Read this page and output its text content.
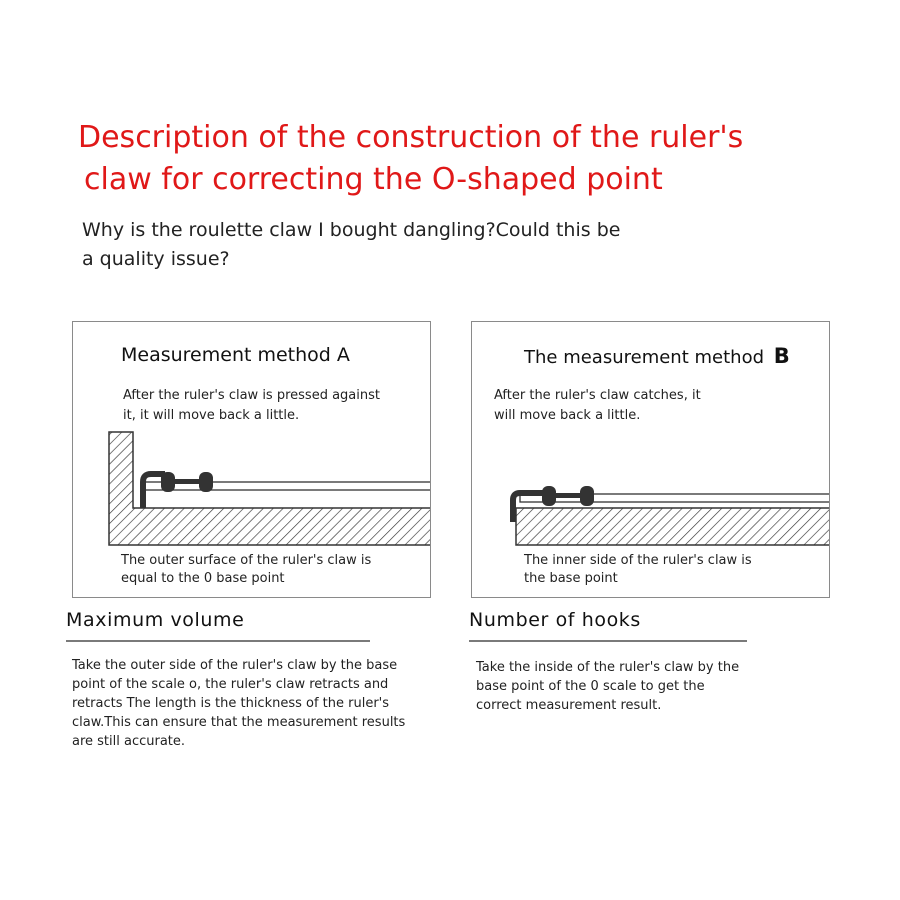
Description of the construction of the ruler's
claw for correcting the O-shaped point
Why is the roulette claw I bought dangling?Could this be a quality issue?
Measurement method A
After the ruler's claw is pressed against it, it will move back a little.
The outer surface of the ruler's claw is equal to the 0 base point
The measurement method B
After the ruler's claw catches, it will move back a little.
The inner side of the ruler's claw is the base point
Maximum volume
Take the outer side of the ruler's claw by the base point of the scale o, the ruler's claw retracts and retracts The length is the thickness of the ruler's claw.This can ensure that the measurement results are still accurate.
Number of hooks
Take the inside of the ruler's claw by the base point of the 0 scale to get the correct measurement result.
